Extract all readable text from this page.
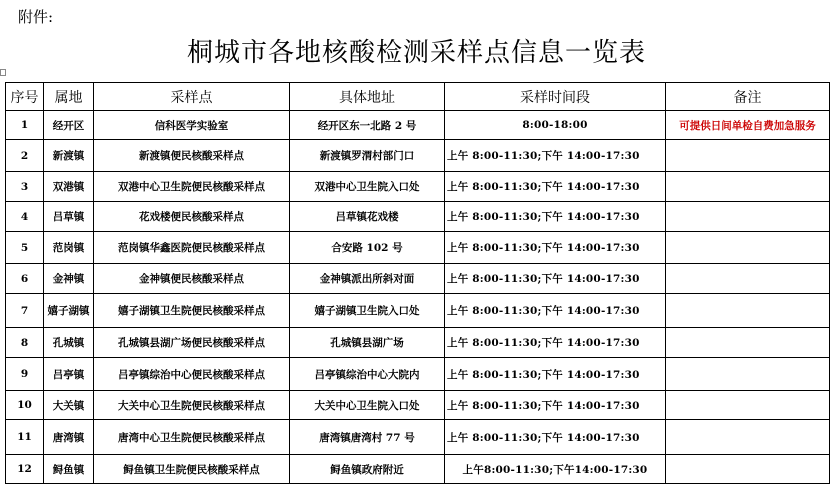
附件:
桐城市各地核酸检测采样点信息一览表
序号	属地	采样点	具体地址	采样时间段	备注
1	经开区	信科医学实验室	经开区东一北路 2 号	8:00-18:00	可提供日间单检自费加急服务
2	新渡镇	新渡镇便民核酸采样点	新渡镇罗渭村部门口	上午 8:00-11:30;下午 14:00-17:30	
3	双港镇	双港中心卫生院便民核酸采样点	双港中心卫生院入口处	上午 8:00-11:30;下午 14:00-17:30	
4	吕草镇	花戏楼便民核酸采样点	吕草镇花戏楼	上午 8:00-11:30;下午 14:00-17:30	
5	范岗镇	范岗镇华鑫医院便民核酸采样点	合安路 102 号	上午 8:00-11:30;下午 14:00-17:30	
6	金神镇	金神镇便民核酸采样点	金神镇派出所斜对面	上午 8:00-11:30;下午 14:00-17:30	
7	嬉子湖镇	嬉子湖镇卫生院便民核酸采样点	嬉子湖镇卫生院入口处	上午 8:00-11:30;下午 14:00-17:30	
8	孔城镇	孔城镇县湖广场便民核酸采样点	孔城镇县湖广场	上午 8:00-11:30;下午 14:00-17:30	
9	吕亭镇	吕亭镇综治中心便民核酸采样点	吕亭镇综治中心大院内	上午 8:00-11:30;下午 14:00-17:30	
10	大关镇	大关中心卫生院便民核酸采样点	大关中心卫生院入口处	上午 8:00-11:30;下午 14:00-17:30	
11	唐湾镇	唐湾中心卫生院便民核酸采样点	唐湾镇唐湾村 77 号	上午 8:00-11:30;下午 14:00-17:30	
12	鲟鱼镇	鲟鱼镇卫生院便民核酸采样点	鲟鱼镇政府附近	上午8:00-11:30;下午14:00-17:30	
